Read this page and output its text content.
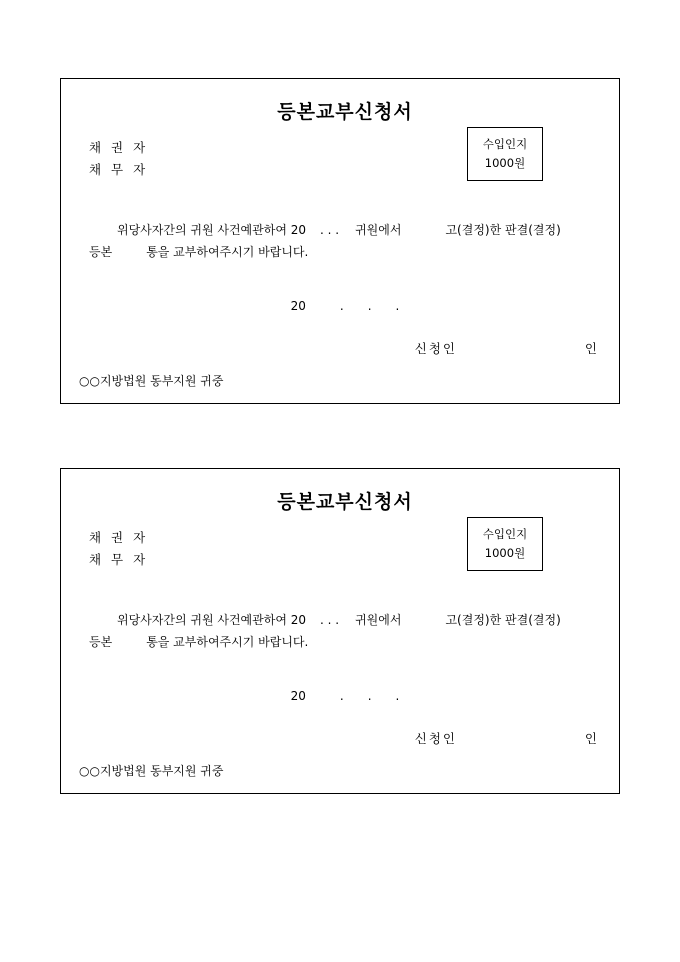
등본교부신청서
채 권 자
채 무 자
수입인지
1000원
위당사자간의 귀원 사건예관하여 20 . . . 귀원에서	고(결정)한 판결(결정)
등본	통을 교부하여주시기 바랍니다.
20	.　　.　　.
신청인	인
○○지방법원 동부지원 귀중
등본교부신청서
채 권 자
채 무 자
수입인지
1000원
위당사자간의 귀원 사건예관하여 20 . . . 귀원에서	고(결정)한 판결(결정)
등본	통을 교부하여주시기 바랍니다.
20	.　　.　　.
신청인	인
○○지방법원 동부지원 귀중
